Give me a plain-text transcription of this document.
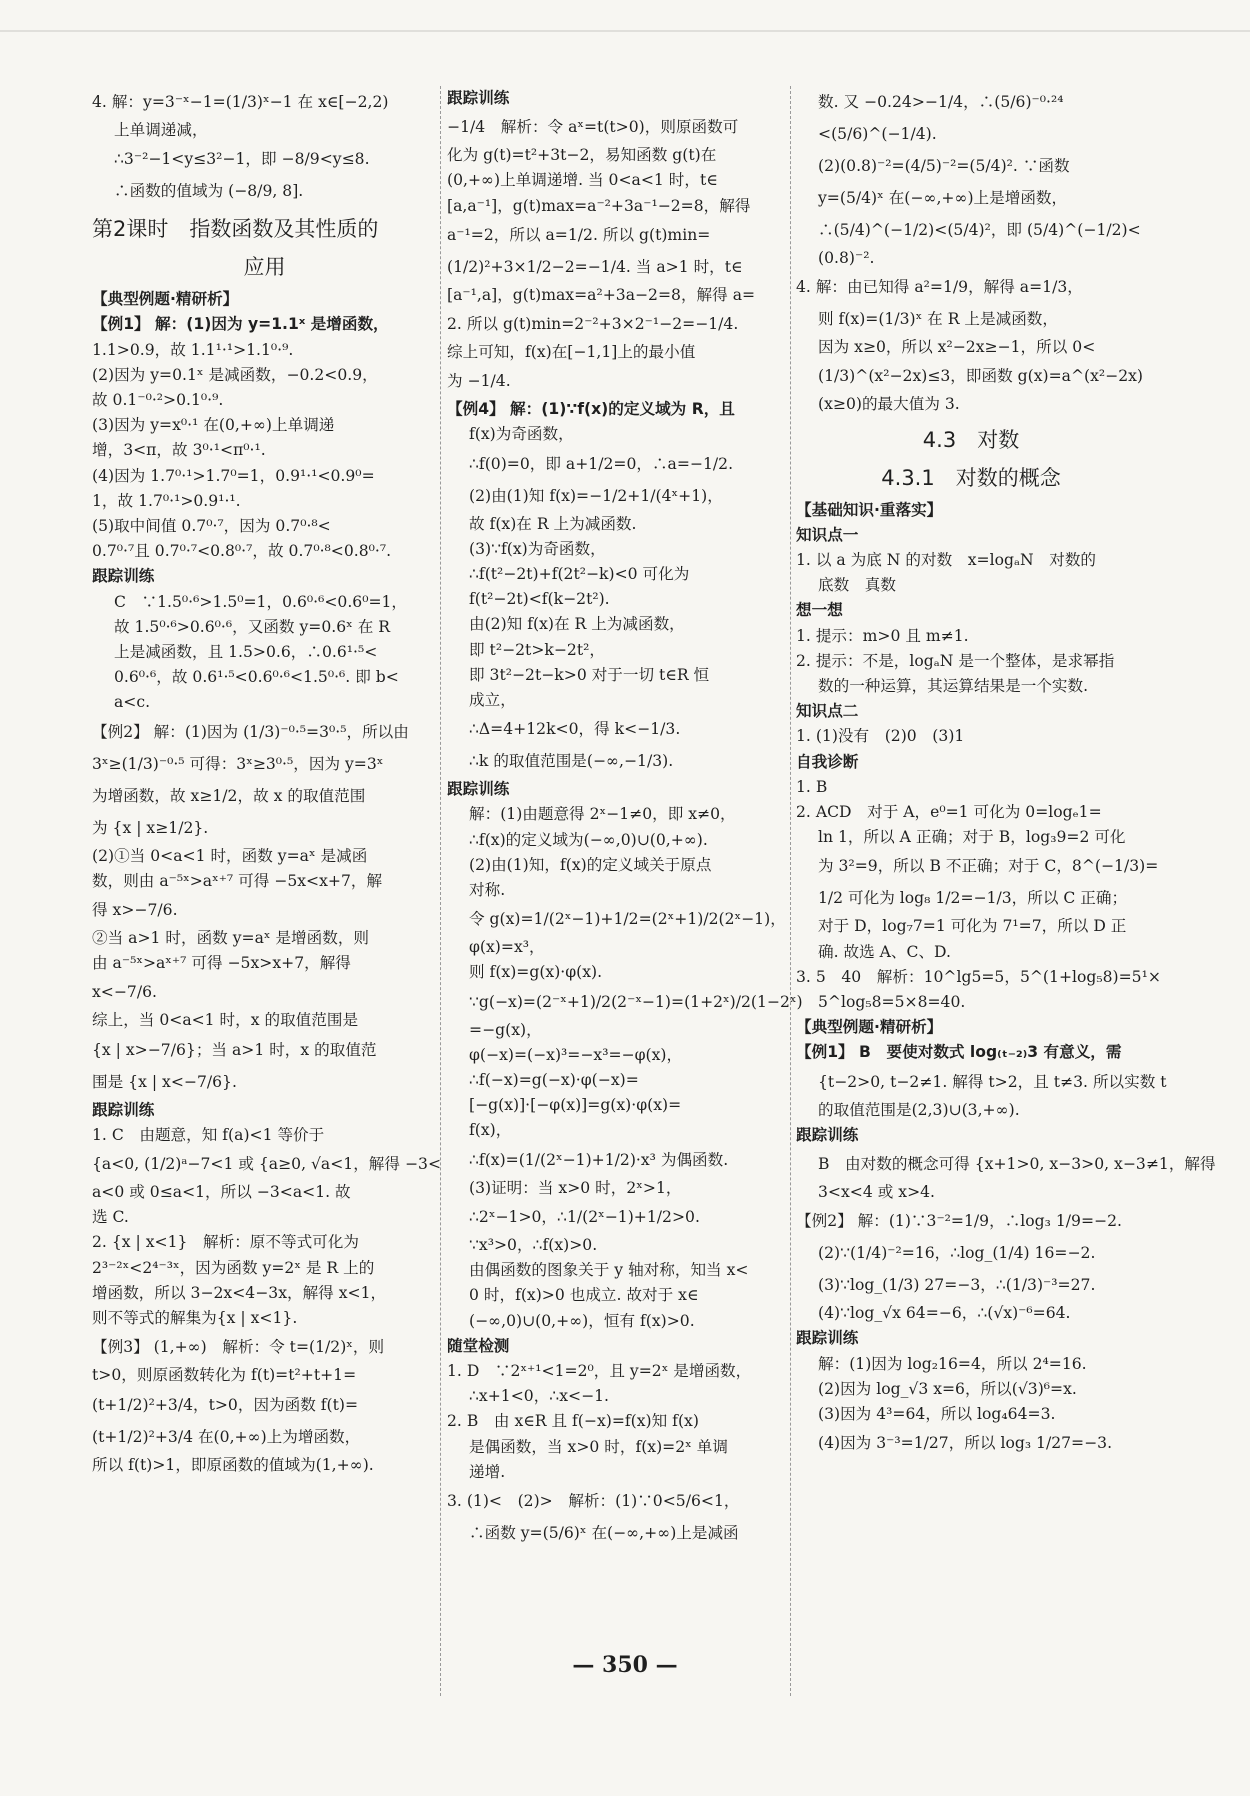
4. 解：y=3⁻ˣ−1=(1/3)ˣ−1 在 x∈[−2,2)
上单调递减，
∴3⁻²−1<y≤3²−1，即 −8/9<y≤8.
∴函数的值域为 (−8/9, 8].
第2课时　指数函数及其性质的
应用
【典型例题·精研析】
【例1】 解：(1)因为 y=1.1ˣ 是增函数，
1.1>0.9，故 1.1¹·¹>1.1⁰·⁹.
(2)因为 y=0.1ˣ 是减函数，−0.2<0.9，
故 0.1⁻⁰·²>0.1⁰·⁹.
(3)因为 y=x⁰·¹ 在(0,+∞)上单调递
增，3<π，故 3⁰·¹<π⁰·¹.
(4)因为 1.7⁰·¹>1.7⁰=1，0.9¹·¹<0.9⁰=
1，故 1.7⁰·¹>0.9¹·¹.
(5)取中间值 0.7⁰·⁷，因为 0.7⁰·⁸<
0.7⁰·⁷且 0.7⁰·⁷<0.8⁰·⁷，故 0.7⁰·⁸<0.8⁰·⁷.
跟踪训练
C　∵1.5⁰·⁶>1.5⁰=1，0.6⁰·⁶<0.6⁰=1，
故 1.5⁰·⁶>0.6⁰·⁶，又函数 y=0.6ˣ 在 R
上是减函数，且 1.5>0.6，∴0.6¹·⁵<
0.6⁰·⁶，故 0.6¹·⁵<0.6⁰·⁶<1.5⁰·⁶. 即 b<
a<c.
【例2】 解：(1)因为 (1/3)⁻⁰·⁵=3⁰·⁵，所以由
3ˣ≥(1/3)⁻⁰·⁵ 可得：3ˣ≥3⁰·⁵，因为 y=3ˣ
为增函数，故 x≥1/2，故 x 的取值范围
为 {x | x≥1/2}.
(2)①当 0<a<1 时，函数 y=aˣ 是减函
数，则由 a⁻⁵ˣ>aˣ⁺⁷ 可得 −5x<x+7，解
得 x>−7/6.
②当 a>1 时，函数 y=aˣ 是增函数，则
由 a⁻⁵ˣ>aˣ⁺⁷ 可得 −5x>x+7，解得
x<−7/6.
综上，当 0<a<1 时，x 的取值范围是
{x | x>−7/6}；当 a>1 时，x 的取值范
围是 {x | x<−7/6}.
跟踪训练
1. C　由题意，知 f(a)<1 等价于
{a<0, (1/2)ᵃ−7<1 或 {a≥0, √a<1，解得 −3<
a<0 或 0≤a<1，所以 −3<a<1. 故
选 C.
2. {x | x<1}　解析：原不等式可化为
2³⁻²ˣ<2⁴⁻³ˣ，因为函数 y=2ˣ 是 R 上的
增函数，所以 3−2x<4−3x，解得 x<1，
则不等式的解集为{x | x<1}.
【例3】 (1,+∞)　解析：令 t=(1/2)ˣ，则
t>0，则原函数转化为 f(t)=t²+t+1=
(t+1/2)²+3/4，t>0，因为函数 f(t)=
(t+1/2)²+3/4 在(0,+∞)上为增函数，
所以 f(t)>1，即原函数的值域为(1,+∞).
跟踪训练
−1/4　解析：令 aˣ=t(t>0)，则原函数可
化为 g(t)=t²+3t−2，易知函数 g(t)在
(0,+∞)上单调递增. 当 0<a<1 时，t∈
[a,a⁻¹]，g(t)max=a⁻²+3a⁻¹−2=8，解得
a⁻¹=2，所以 a=1/2. 所以 g(t)min=
(1/2)²+3×1/2−2=−1/4. 当 a>1 时，t∈
[a⁻¹,a]，g(t)max=a²+3a−2=8，解得 a=
2. 所以 g(t)min=2⁻²+3×2⁻¹−2=−1/4.
综上可知，f(x)在[−1,1]上的最小值
为 −1/4.
【例4】 解：(1)∵f(x)的定义域为 R，且
f(x)为奇函数，
∴f(0)=0，即 a+1/2=0，∴a=−1/2.
(2)由(1)知 f(x)=−1/2+1/(4ˣ+1)，
故 f(x)在 R 上为减函数.
(3)∵f(x)为奇函数，
∴f(t²−2t)+f(2t²−k)<0 可化为
f(t²−2t)<f(k−2t²).
由(2)知 f(x)在 R 上为减函数，
即 t²−2t>k−2t²，
即 3t²−2t−k>0 对于一切 t∈R 恒
成立，
∴Δ=4+12k<0，得 k<−1/3.
∴k 的取值范围是(−∞,−1/3).
跟踪训练
解：(1)由题意得 2ˣ−1≠0，即 x≠0，
∴f(x)的定义域为(−∞,0)∪(0,+∞).
(2)由(1)知，f(x)的定义域关于原点
对称.
令 g(x)=1/(2ˣ−1)+1/2=(2ˣ+1)/2(2ˣ−1)，
φ(x)=x³，
则 f(x)=g(x)·φ(x).
∵g(−x)=(2⁻ˣ+1)/2(2⁻ˣ−1)=(1+2ˣ)/2(1−2ˣ)
=−g(x)，
φ(−x)=(−x)³=−x³=−φ(x)，
∴f(−x)=g(−x)·φ(−x)=
[−g(x)]·[−φ(x)]=g(x)·φ(x)=
f(x)，
∴f(x)=(1/(2ˣ−1)+1/2)·x³ 为偶函数.
(3)证明：当 x>0 时，2ˣ>1，
∴2ˣ−1>0，∴1/(2ˣ−1)+1/2>0.
∵x³>0，∴f(x)>0.
由偶函数的图象关于 y 轴对称，知当 x<
0 时，f(x)>0 也成立. 故对于 x∈
(−∞,0)∪(0,+∞)，恒有 f(x)>0.
随堂检测
1. D　∵2ˣ⁺¹<1=2⁰，且 y=2ˣ 是增函数，
∴x+1<0，∴x<−1.
2. B　由 x∈R 且 f(−x)=f(x)知 f(x)
是偶函数，当 x>0 时，f(x)=2ˣ 单调
递增.
3. (1)<　(2)>　解析：(1)∵0<5/6<1，
∴函数 y=(5/6)ˣ 在(−∞,+∞)上是减函
数. 又 −0.24>−1/4，∴(5/6)⁻⁰·²⁴
<(5/6)^(−1/4).
(2)(0.8)⁻²=(4/5)⁻²=(5/4)². ∵函数
y=(5/4)ˣ 在(−∞,+∞)上是增函数，
∴(5/4)^(−1/2)<(5/4)²，即 (5/4)^(−1/2)<
(0.8)⁻².
4. 解：由已知得 a²=1/9，解得 a=1/3，
则 f(x)=(1/3)ˣ 在 R 上是减函数，
因为 x≥0，所以 x²−2x≥−1，所以 0<
(1/3)^(x²−2x)≤3，即函数 g(x)=a^(x²−2x)
(x≥0)的最大值为 3.
4.3　对数
4.3.1　对数的概念
【基础知识·重落实】
知识点一
1. 以 a 为底 N 的对数　x=logₐN　对数的
底数　真数
想一想
1. 提示：m>0 且 m≠1.
2. 提示：不是，logₐN 是一个整体，是求幂指
数的一种运算，其运算结果是一个实数.
知识点二
1. (1)没有　(2)0　(3)1
自我诊断
1. B
2. ACD　对于 A，e⁰=1 可化为 0=logₑ1=
ln 1，所以 A 正确；对于 B，log₃9=2 可化
为 3²=9，所以 B 不正确；对于 C，8^(−1/3)=
1/2 可化为 log₈ 1/2=−1/3，所以 C 正确；
对于 D，log₇7=1 可化为 7¹=7，所以 D 正
确. 故选 A、C、D.
3. 5　40　解析：10^lg5=5，5^(1+log₅8)=5¹×
5^log₅8=5×8=40.
【典型例题·精研析】
【例1】 B　要使对数式 log₍ₜ₋₂₎3 有意义，需
{t−2>0, t−2≠1. 解得 t>2，且 t≠3. 所以实数 t
的取值范围是(2,3)∪(3,+∞).
跟踪训练
B　由对数的概念可得 {x+1>0, x−3>0, x−3≠1，解得
3<x<4 或 x>4.
【例2】 解：(1)∵3⁻²=1/9，∴log₃ 1/9=−2.
(2)∵(1/4)⁻²=16，∴log_(1/4) 16=−2.
(3)∵log_(1/3) 27=−3，∴(1/3)⁻³=27.
(4)∵log_√x 64=−6，∴(√x)⁻⁶=64.
跟踪训练
解：(1)因为 log₂16=4，所以 2⁴=16.
(2)因为 log_√3 x=6，所以(√3)⁶=x.
(3)因为 4³=64，所以 log₄64=3.
(4)因为 3⁻³=1/27，所以 log₃ 1/27=−3.
— 350 —
